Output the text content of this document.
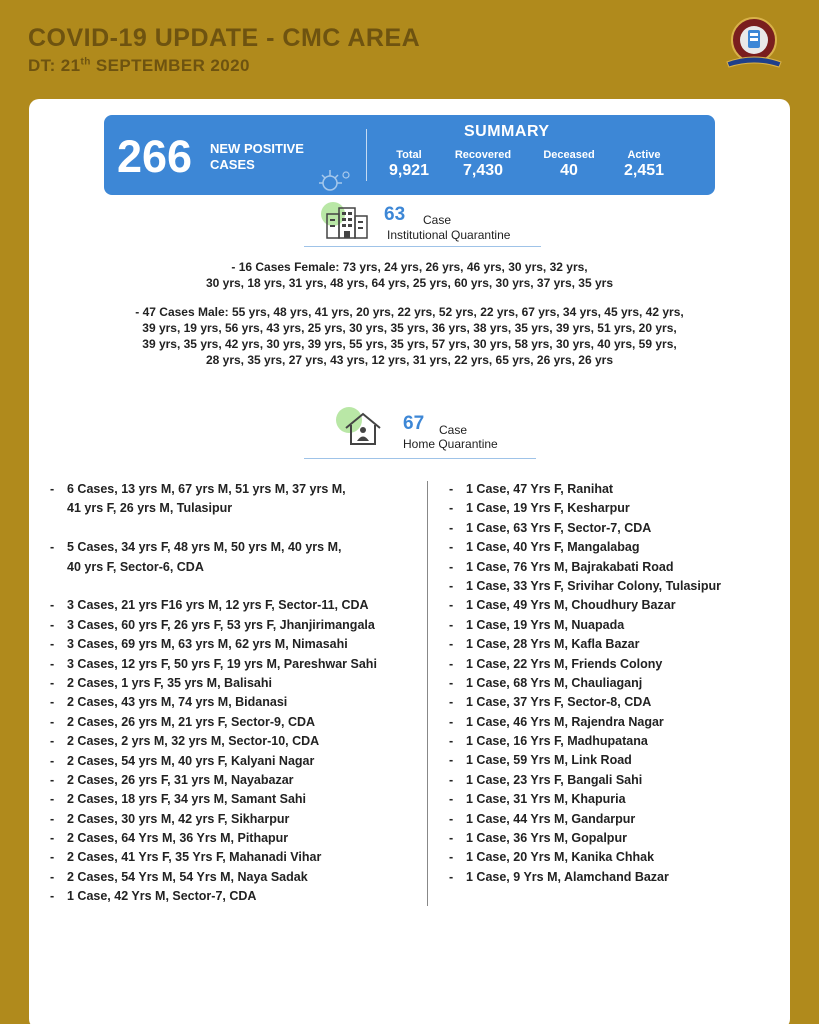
COVID-19 UPDATE - CMC AREA
DT: 21th SEPTEMBER 2020
266 NEW POSITIVE
CASES
SUMMARY
Total
9,921
Recovered
7,430
Deceased
40
Active
2,451
63 Case
Institutional Quarantine
- 16 Cases Female: 73 yrs, 24 yrs, 26 yrs, 46 yrs, 30 yrs, 32 yrs,
30 yrs, 18 yrs, 31 yrs, 48 yrs, 64 yrs, 25 yrs, 60 yrs, 30 yrs, 37 yrs, 35 yrs
- 47 Cases Male: 55 yrs, 48 yrs, 41 yrs, 20 yrs, 22 yrs, 52 yrs, 22 yrs, 67 yrs, 34 yrs, 45 yrs, 42 yrs,
39 yrs, 19 yrs, 56 yrs, 43 yrs, 25 yrs, 30 yrs, 35 yrs, 36 yrs, 38 yrs, 35 yrs, 39 yrs, 51 yrs, 20 yrs,
39 yrs, 35 yrs, 42 yrs, 30 yrs, 39 yrs, 55 yrs, 35 yrs, 57 yrs, 30 yrs, 58 yrs, 30 yrs, 40 yrs, 59 yrs,
28 yrs, 35 yrs, 27 yrs, 43 yrs, 12 yrs, 31 yrs, 22 yrs, 65 yrs, 26 yrs, 26 yrs
67 Case
Home Quarantine
- 6 Cases, 13 yrs M, 67 yrs M, 51 yrs M, 37 yrs M,
41 yrs F, 26 yrs M, Tulasipur
- 5 Cases, 34 yrs F, 48 yrs M, 50 yrs M, 40 yrs M,
40 yrs F, Sector-6, CDA
- 3 Cases, 21 yrs F16 yrs M, 12 yrs F, Sector-11, CDA
- 3 Cases, 60 yrs F, 26 yrs F, 53 yrs F, Jhanjirimangala
- 3 Cases, 69 yrs M, 63 yrs M, 62 yrs M, Nimasahi
- 3 Cases, 12 yrs F, 50 yrs F, 19 yrs M, Pareshwar Sahi
- 2 Cases, 1 yrs F, 35 yrs M, Balisahi
- 2 Cases, 43 yrs M, 74 yrs M, Bidanasi
- 2 Cases, 26 yrs M, 21 yrs F, Sector-9, CDA
- 2 Cases, 2 yrs M, 32 yrs M, Sector-10, CDA
- 2 Cases, 54 yrs M, 40 yrs F, Kalyani Nagar
- 2 Cases, 26 yrs F, 31 yrs M, Nayabazar
- 2 Cases, 18 yrs F, 34 yrs M, Samant Sahi
- 2 Cases, 30 yrs M, 42 yrs F, Sikharpur
- 2 Cases, 64 Yrs M, 36 Yrs M, Pithapur
- 2 Cases, 41 Yrs F, 35 Yrs F, Mahanadi Vihar
- 2 Cases, 54 Yrs M, 54 Yrs M, Naya Sadak
- 1 Case, 42 Yrs M, Sector-7, CDA
- 1 Case, 47 Yrs F, Ranihat
- 1 Case, 19 Yrs F, Kesharpur
- 1 Case, 63 Yrs F, Sector-7, CDA
- 1 Case, 40 Yrs F, Mangalabag
- 1 Case, 76 Yrs M, Bajrakabati Road
- 1 Case, 33 Yrs F, Srivihar Colony, Tulasipur
- 1 Case, 49 Yrs M, Choudhury Bazar
- 1 Case, 19 Yrs M, Nuapada
- 1 Case, 28 Yrs M, Kafla Bazar
- 1 Case, 22 Yrs M, Friends Colony
- 1 Case, 68 Yrs M, Chauliaganj
- 1 Case, 37 Yrs F, Sector-8, CDA
- 1 Case, 46 Yrs M, Rajendra Nagar
- 1 Case, 16 Yrs F, Madhupatana
- 1 Case, 59 Yrs M, Link Road
- 1 Case, 23 Yrs F, Bangali Sahi
- 1 Case, 31 Yrs M, Khapuria
- 1 Case, 44 Yrs M, Gandarpur
- 1 Case, 36 Yrs M, Gopalpur
- 1 Case, 20 Yrs M, Kanika Chhak
- 1 Case, 9 Yrs M, Alamchand Bazar
